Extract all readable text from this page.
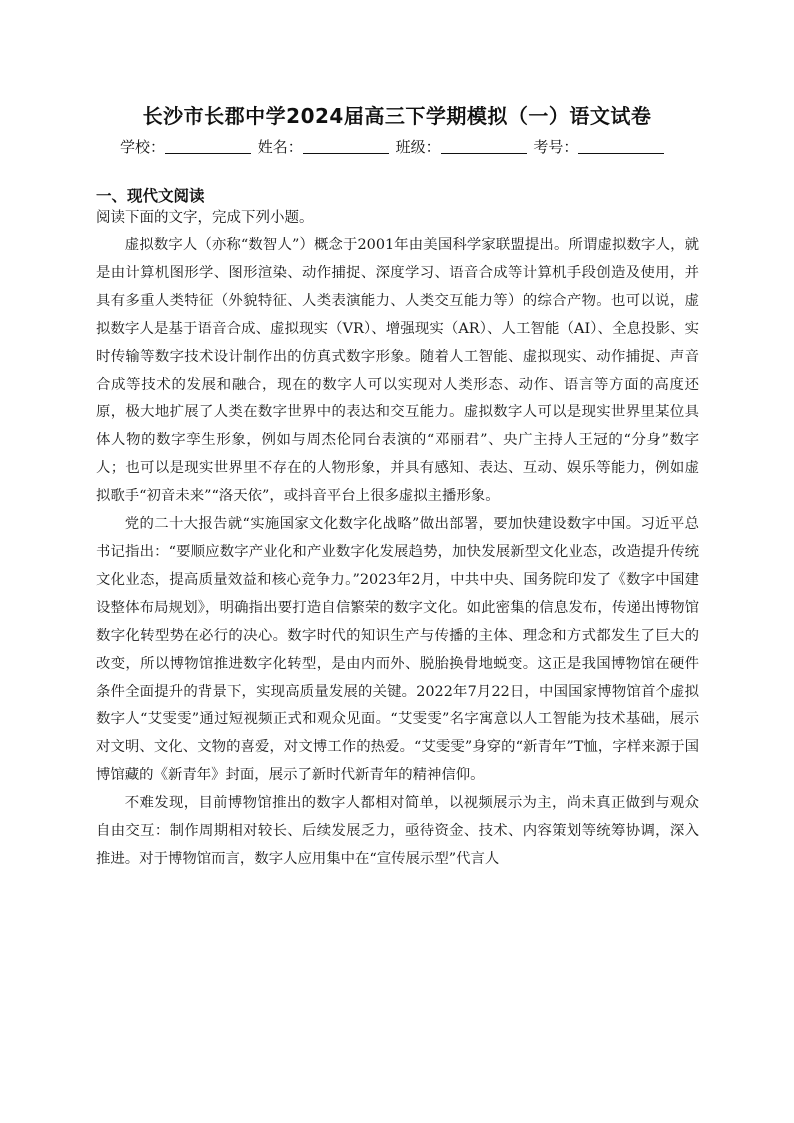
长沙市长郡中学2024届高三下学期模拟（一）语文试卷
学校：	姓名：	班级：	考号：
一、现代文阅读
阅读下面的文字，完成下列小题。

虚拟数字人（亦称“数智人”）概念于2001年由美国科学家联盟提出。所谓虚拟数字人，就是由计算机图形学、图形渲染、动作捕捉、深度学习、语音合成等计算机手段创造及使用，并具有多重人类特征（外貌特征、人类表演能力、人类交互能力等）的综合产物。也可以说，虚拟数字人是基于语音合成、虚拟现实（VR）、增强现实（AR）、人工智能（AI）、全息投影、实时传输等数字技术设计制作出的仿真式数字形象。随着人工智能、虚拟现实、动作捕捉、声音合成等技术的发展和融合，现在的数字人可以实现对人类形态、动作、语言等方面的高度还原，极大地扩展了人类在数字世界中的表达和交互能力。虚拟数字人可以是现实世界里某位具体人物的数字孪生形象，例如与周杰伦同台表演的“邓丽君”、央广主持人王冠的“分身”数字人；也可以是现实世界里不存在的人物形象，并具有感知、表达、互动、娱乐等能力，例如虚拟歌手“初音未来”“洛天依”，或抖音平台上很多虚拟主播形象。

党的二十大报告就“实施国家文化数字化战略”做出部署，要加快建设数字中国。习近平总书记指出：“要顺应数字产业化和产业数字化发展趋势，加快发展新型文化业态，改造提升传统文化业态，提高质量效益和核心竞争力。”2023年2月，中共中央、国务院印发了《数字中国建设整体布局规划》，明确指出要打造自信繁荣的数字文化。如此密集的信息发布，传递出博物馆数字化转型势在必行的决心。数字时代的知识生产与传播的主体、理念和方式都发生了巨大的改变，所以博物馆推进数字化转型，是由内而外、脱胎换骨地蜕变。这正是我国博物馆在硬件条件全面提升的背景下，实现高质量发展的关键。2022年7月22日，中国国家博物馆首个虚拟数字人“艾雯雯”通过短视频正式和观众见面。“艾雯雯”名字寓意以人工智能为技术基础，展示对文明、文化、文物的喜爱，对文博工作的热爱。“艾雯雯”身穿的“新青年”T恤，字样来源于国博馆藏的《新青年》封面，展示了新时代新青年的精神信仰。

不难发现，目前博物馆推出的数字人都相对简单，以视频展示为主，尚未真正做到与观众自由交互：制作周期相对较长、后续发展乏力，亟待资金、技术、内容策划等统筹协调，深入推进。对于博物馆而言，数字人应用集中在“宣传展示型”代言人
